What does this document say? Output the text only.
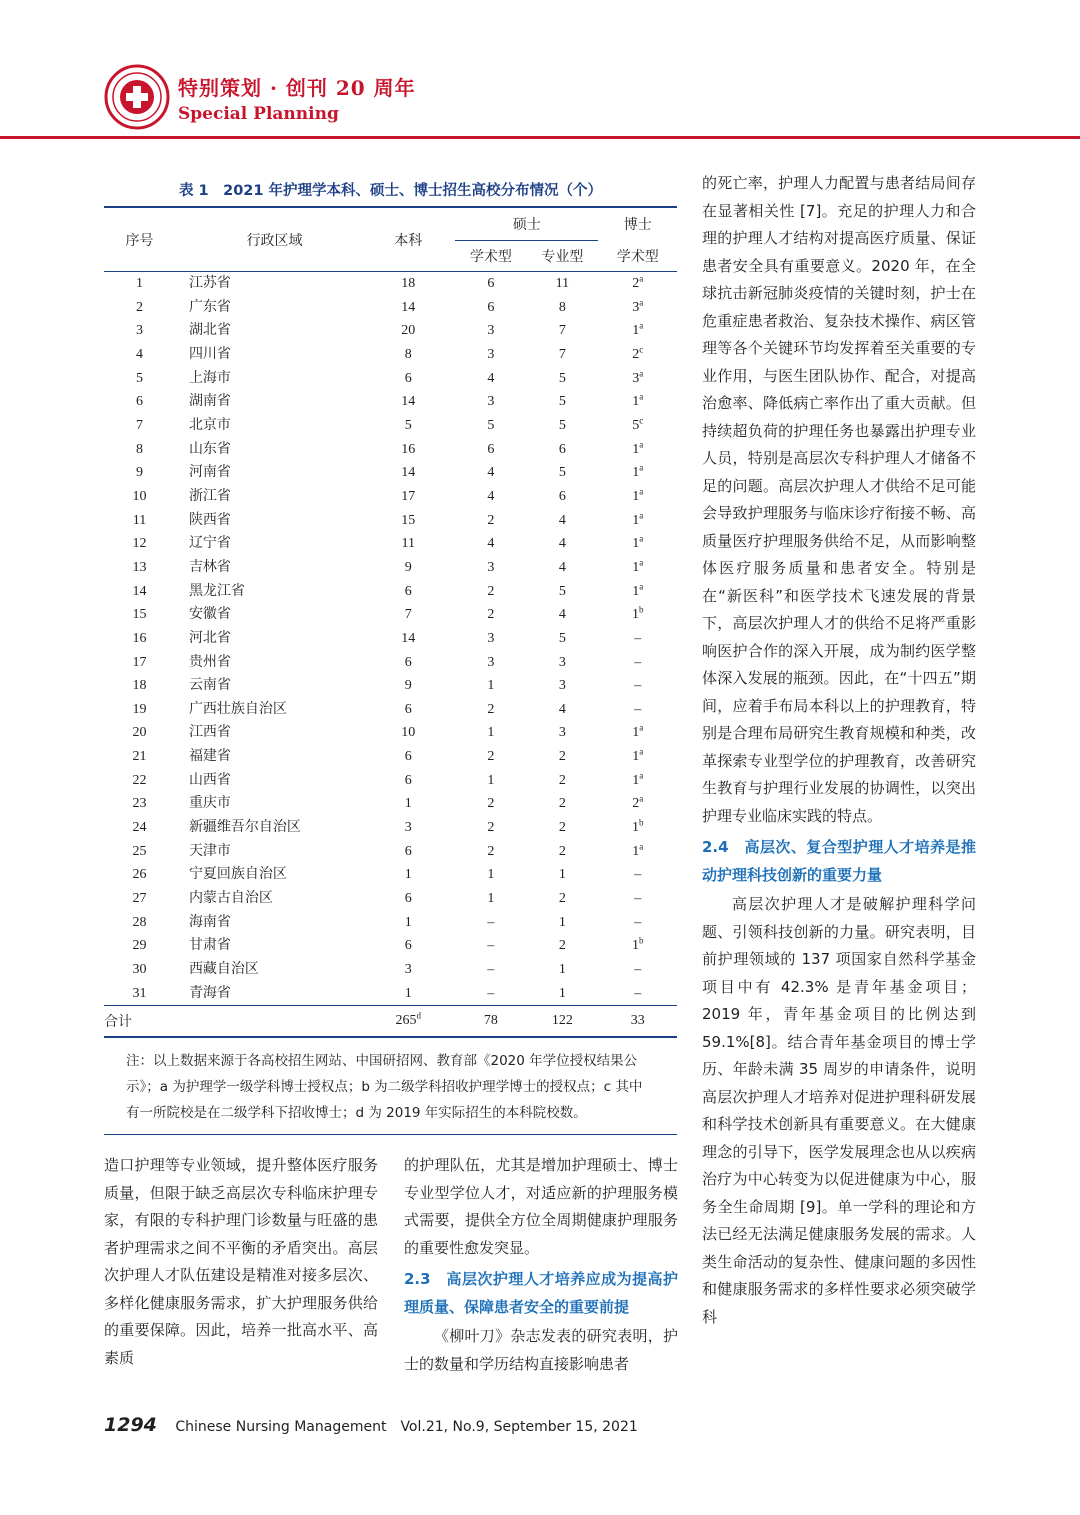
特别策划 · 创刊 20 周年
Special Planning
表 1　2021 年护理学本科、硕士、博士招生高校分布情况（个）
序号	行政区域	本科	硕士		博士
			学术型	专业型	学术型
1	江苏省	18	6	11	2$^a$
2	广东省	14	6	8	3$^a$
3	湖北省	20	3	7	1$^a$
4	四川省	8	3	7	2$^c$
5	上海市	6	4	5	3$^a$
6	湖南省	14	3	5	1$^a$
7	北京市	5	5	5	5$^c$
8	山东省	16	6	6	1$^a$
9	河南省	14	4	5	1$^a$
10	浙江省	17	4	6	1$^a$
11	陕西省	15	2	4	1$^a$
12	辽宁省	11	4	4	1$^a$
13	吉林省	9	3	4	1$^a$
14	黑龙江省	6	2	5	1$^a$
15	安徽省	7	2	4	1$^b$
16	河北省	14	3	5	–
17	贵州省	6	3	3	–
18	云南省	9	1	3	–
19	广西壮族自治区	6	2	4	–
20	江西省	10	1	3	1$^a$
21	福建省	6	2	2	1$^a$
22	山西省	6	1	2	1$^a$
23	重庆市	1	2	2	2$^a$
24	新疆维吾尔自治区	3	2	2	1$^b$
25	天津市	6	2	2	1$^a$
26	宁夏回族自治区	1	1	1	–
27	内蒙古自治区	6	1	2	–
28	海南省	1	–	1	–
29	甘肃省	6	–	2	1$^b$
30	西藏自治区	3	–	1	–
31	青海省	1	–	1	–
合计		265$^d$	78	122	33
注：以上数据来源于各高校招生网站、中国研招网、教育部《2020 年学位授权结果公示》；a 为护理学一级学科博士授权点；b 为二级学科招收护理学博士的授权点；c 其中有一所院校是在二级学科下招收博士；d 为 2019 年实际招生的本科院校数。

造口护理等专业领域，提升整体医疗服务质量，但限于缺乏高层次专科临床护理专家，有限的专科护理门诊数量与旺盛的患者护理需求之间不平衡的矛盾突出。高层次护理人才队伍建设是精准对接多层次、多样化健康服务需求，扩大护理服务供给的重要保障。因此，培养一批高水平、高素质

的护理队伍，尤其是增加护理硕士、博士专业型学位人才，对适应新的护理服务模式需要，提供全方位全周期健康护理服务的重要性愈发突显。

2.3　高层次护理人才培养应成为提高护理质量、保障患者安全的重要前提

《柳叶刀》杂志发表的研究表明，护士的数量和学历结构直接影响患者

的死亡率，护理人力配置与患者结局间存在显著相关性 [7]。充足的护理人力和合理的护理人才结构对提高医疗质量、保证患者安全具有重要意义。2020 年，在全球抗击新冠肺炎疫情的关键时刻，护士在危重症患者救治、复杂技术操作、病区管理等各个关键环节均发挥着至关重要的专业作用，与医生团队协作、配合，对提高治愈率、降低病亡率作出了重大贡献。但持续超负荷的护理任务也暴露出护理专业人员，特别是高层次专科护理人才储备不足的问题。高层次护理人才供给不足可能会导致护理服务与临床诊疗衔接不畅、高质量医疗护理服务供给不足，从而影响整体医疗服务质量和患者安全。特别是在“新医科”和医学技术飞速发展的背景下，高层次护理人才的供给不足将严重影响医护合作的深入开展，成为制约医学整体深入发展的瓶颈。因此，在“十四五”期间，应着手布局本科以上的护理教育，特别是合理布局研究生教育规模和种类，改革探索专业型学位的护理教育，改善研究生教育与护理行业发展的协调性，以突出护理专业临床实践的特点。

2.4　高层次、复合型护理人才培养是推动护理科技创新的重要力量

高层次护理人才是破解护理科学问题、引领科技创新的力量。研究表明，目前护理领域的 137 项国家自然科学基金项目中有 42.3% 是青年基金项目；2019 年，青年基金项目的比例达到 59.1%[8]。结合青年基金项目的博士学历、年龄未满 35 周岁的申请条件，说明高层次护理人才培养对促进护理科研发展和科学技术创新具有重要意义。在大健康理念的引导下，医学发展理念也从以疾病治疗为中心转变为以促进健康为中心，服务全生命周期 [9]。单一学科的理论和方法已经无法满足健康服务发展的需求。人类生命活动的复杂性、健康问题的多因性和健康服务需求的多样性要求必须突破学科

1294 Chinese Nursing Management　Vol.21, No.9, September 15, 2021
